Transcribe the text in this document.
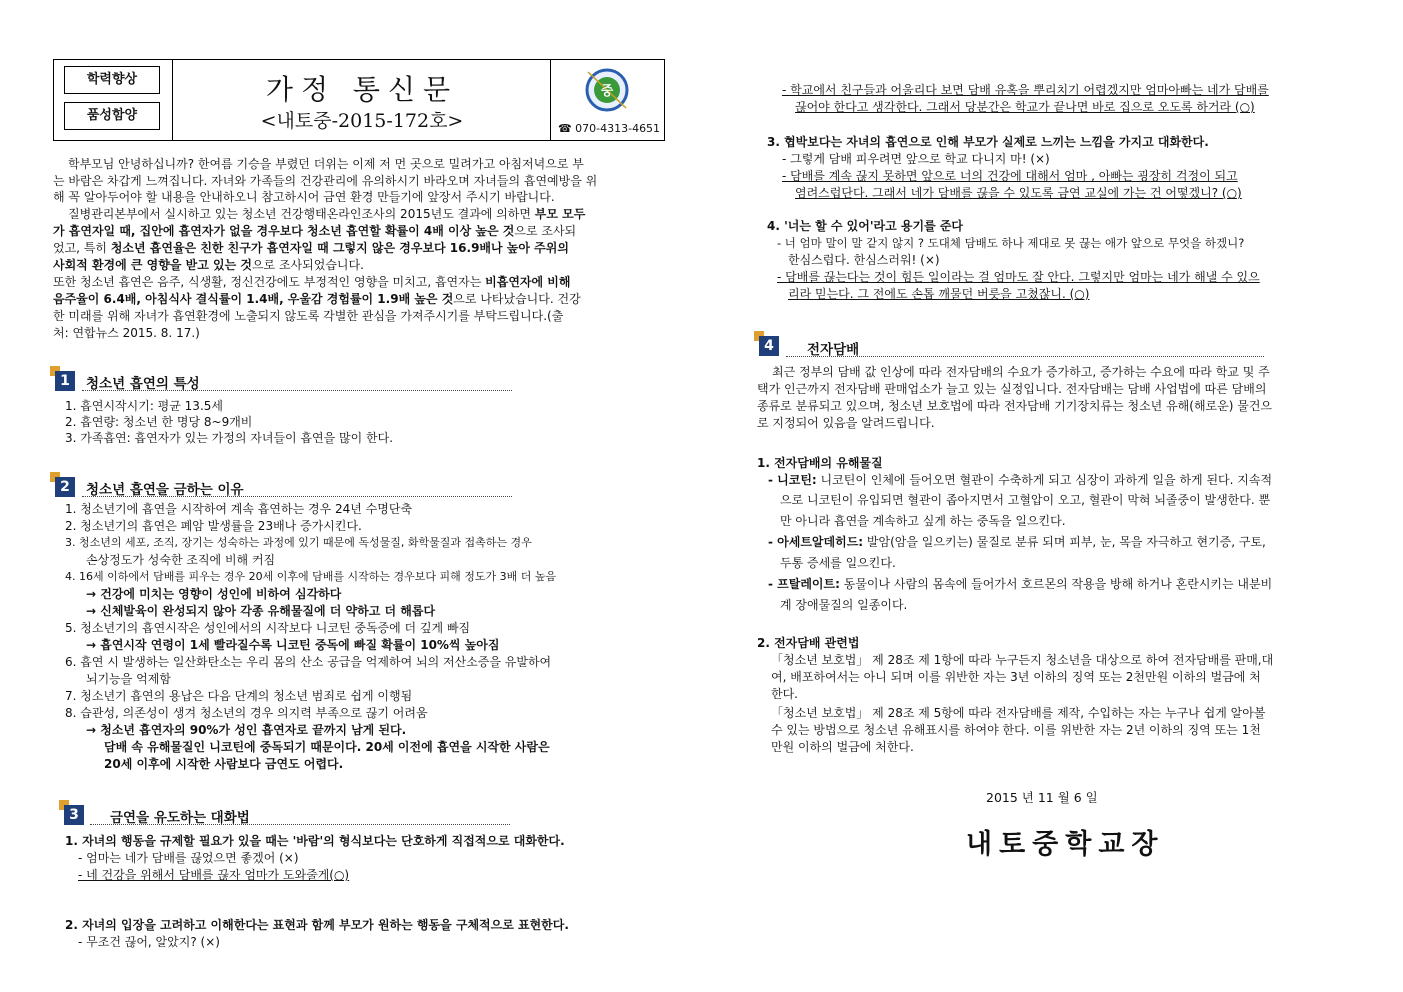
학력향상
품성함양
가정 통신문
<내토중-2015-172호>
중
☎ 070-4313-4651
학부모님 안녕하십니까? 한여름 기승을 부렸던 더위는 이제 저 먼 곳으로 밀려가고 아침저녁으로 부
는 바람은 차갑게 느껴집니다. 자녀와 가족들의 건강관리에 유의하시기 바라오며 자녀들의 흡연예방을 위
해 꼭 알아두어야 할 내용을 안내하오니 참고하시어 금연 환경 만들기에 앞장서 주시기 바랍니다.
질병관리본부에서 실시하고 있는 청소년 건강행태온라인조사의 2015년도 결과에 의하면 부모 모두
가 흡연자일 때, 집안에 흡연자가 없을 경우보다 청소년 흡연할 확률이 4배 이상 높은 것으로 조사되
었고, 특히 청소년 흡연율은 친한 친구가 흡연자일 때 그렇지 않은 경우보다 16.9배나 높아 주위의
사회적 환경에 큰 영향을 받고 있는 것으로 조사되었습니다.
또한 청소년 흡연은 음주, 식생활, 정신건강에도 부정적인 영향을 미치고, 흡연자는 비흡연자에 비해
음주율이 6.4배, 아침식사 결식률이 1.4배, 우울감 경험률이 1.9배 높은 것으로 나타났습니다. 건강
한 미래를 위해 자녀가 흡연환경에 노출되지 않도록 각별한 관심을 가져주시기를 부탁드립니다.(출
처: 연합뉴스 2015. 8. 17.)
1	청소년 흡연의 특성
1. 흡연시작시기: 평균 13.5세
2. 흡연량: 청소년 한 명당 8~9개비
3. 가족흡연: 흡연자가 있는 가정의 자녀들이 흡연을 많이 한다.
2	청소년 흡연을 금하는 이유
1. 청소년기에 흡연을 시작하여 계속 흡연하는 경우 24년 수명단축
2. 청소년기의 흡연은 폐암 발생률을 23배나 증가시킨다.
3. 청소년의 세포, 조직, 장기는 성숙하는 과정에 있기 때문에 독성물질, 화학물질과 접촉하는 경우
손상정도가 성숙한 조직에 비해 커짐
4. 16세 이하에서 담배를 피우는 경우 20세 이후에 담배를 시작하는 경우보다 피해 정도가 3배 더 높음
→ 건강에 미치는 영향이 성인에 비하여 심각하다
→ 신체발육이 완성되지 않아 각종 유해물질에 더 약하고 더 해롭다
5. 청소년기의 흡연시작은 성인에서의 시작보다 니코틴 중독증에 더 깊게 빠짐
→ 흡연시작 연령이 1세 빨라질수록 니코틴 중독에 빠질 확률이 10%씩 높아짐
6. 흡연 시 발생하는 일산화탄소는 우리 몸의 산소 공급을 억제하여 뇌의 저산소증을 유발하여
뇌기능을 억제함
7. 청소년기 흡연의 용납은 다음 단계의 청소년 범죄로 쉽게 이행됨
8. 습관성, 의존성이 생겨 청소년의 경우 의지력 부족으로 끊기 어려움
→ 청소년 흡연자의 90%가 성인 흡연자로 끝까지 남게 된다.
담배 속 유해물질인 니코틴에 중독되기 때문이다. 20세 이전에 흡연을 시작한 사람은
20세 이후에 시작한 사람보다 금연도 어렵다.
3	금연을 유도하는 대화법
1. 자녀의 행동을 규제할 필요가 있을 때는 '바람'의 형식보다는 단호하게 직접적으로 대화한다.
- 엄마는 네가 담배를 끊었으면 좋겠어 (×)
- 네 건강을 위해서 담배를 끊자 엄마가 도와줄게(○)
2. 자녀의 입장을 고려하고 이해한다는 표현과 함께 부모가 원하는 행동을 구체적으로 표현한다.
- 무조건 끊어, 알았지? (×)
- 학교에서 친구들과 어울리다 보면 담배 유혹을 뿌리치기 어렵겠지만 엄마아빠는 네가 담배를
끊어야 한다고 생각한다. 그래서 당분간은 학교가 끝나면 바로 집으로 오도록 하거라 (○)
3. 협박보다는 자녀의 흡연으로 인해 부모가 실제로 느끼는 느낌을 가지고 대화한다.
- 그렇게 담배 피우려면 앞으로 학교 다니지 마! (×)
- 담배를 계속 끊지 못하면 앞으로 너의 건강에 대해서 엄마 , 아빠는 굉장히 걱정이 되고
염려스럽단다. 그래서 네가 담배를 끊을 수 있도록 금연 교실에 가는 건 어떻겠니? (○)
4. '너는 할 수 있어'라고 용기를 준다
- 너 엄마 말이 말 같지 않지 ? 도대체 담배도 하나 제대로 못 끊는 애가 앞으로 무엇을 하겠니?
한심스럽다. 한심스러워! (×)
- 담배를 끊는다는 것이 힘든 일이라는 걸 엄마도 잘 안다. 그렇지만 엄마는 네가 해낼 수 있으
리라 믿는다. 그 전에도 손톱 깨물던 버릇을 고쳤잖니. (○)
4	전자담배
최근 정부의 담배 값 인상에 따라 전자담배의 수요가 증가하고, 증가하는 수요에 따라 학교 및 주
택가 인근까지 전자담배 판매업소가 늘고 있는 실정입니다. 전자담배는 담배 사업법에 따른 담배의
종류로 분류되고 있으며, 청소년 보호법에 따라 전자담배 기기장치류는 청소년 유해(해로운) 물건으
로 지정되어 있음을 알려드립니다.
1. 전자담배의 유해물질
- 니코틴: 니코틴이 인체에 들어오면 혈관이 수축하게 되고 심장이 과하게 일을 하게 된다. 지속적
으로 니코틴이 유입되면 혈관이 좁아지면서 고혈압이 오고, 혈관이 막혀 뇌졸중이 발생한다. 뿐
만 아니라 흡연을 계속하고 싶게 하는 중독을 일으킨다.
- 아세트알데히드: 발암(암을 일으키는) 물질로 분류 되며 피부, 눈, 목을 자극하고 현기증, 구토,
두통 증세를 일으킨다.
- 프탈레이트: 동물이나 사람의 몸속에 들어가서 호르몬의 작용을 방해 하거나 혼란시키는 내분비
계 장애물질의 일종이다.
2. 전자담배 관련법
「청소년 보호법」 제 28조 제 1항에 따라 누구든지 청소년을 대상으로 하여 전자담배를 판매,대
여, 배포하여서는 아니 되며 이를 위반한 자는 3년 이하의 징역 또는 2천만원 이하의 벌금에 처
한다.
「청소년 보호법」 제 28조 제 5항에 따라 전자담배를 제작, 수입하는 자는 누구나 쉽게 알아볼
수 있는 방법으로 청소년 유해표시를 하여야 한다. 이를 위반한 자는 2년 이하의 징역 또는 1천
만원 이하의 벌금에 처한다.
2015 년 11 월 6 일
내토중학교장
